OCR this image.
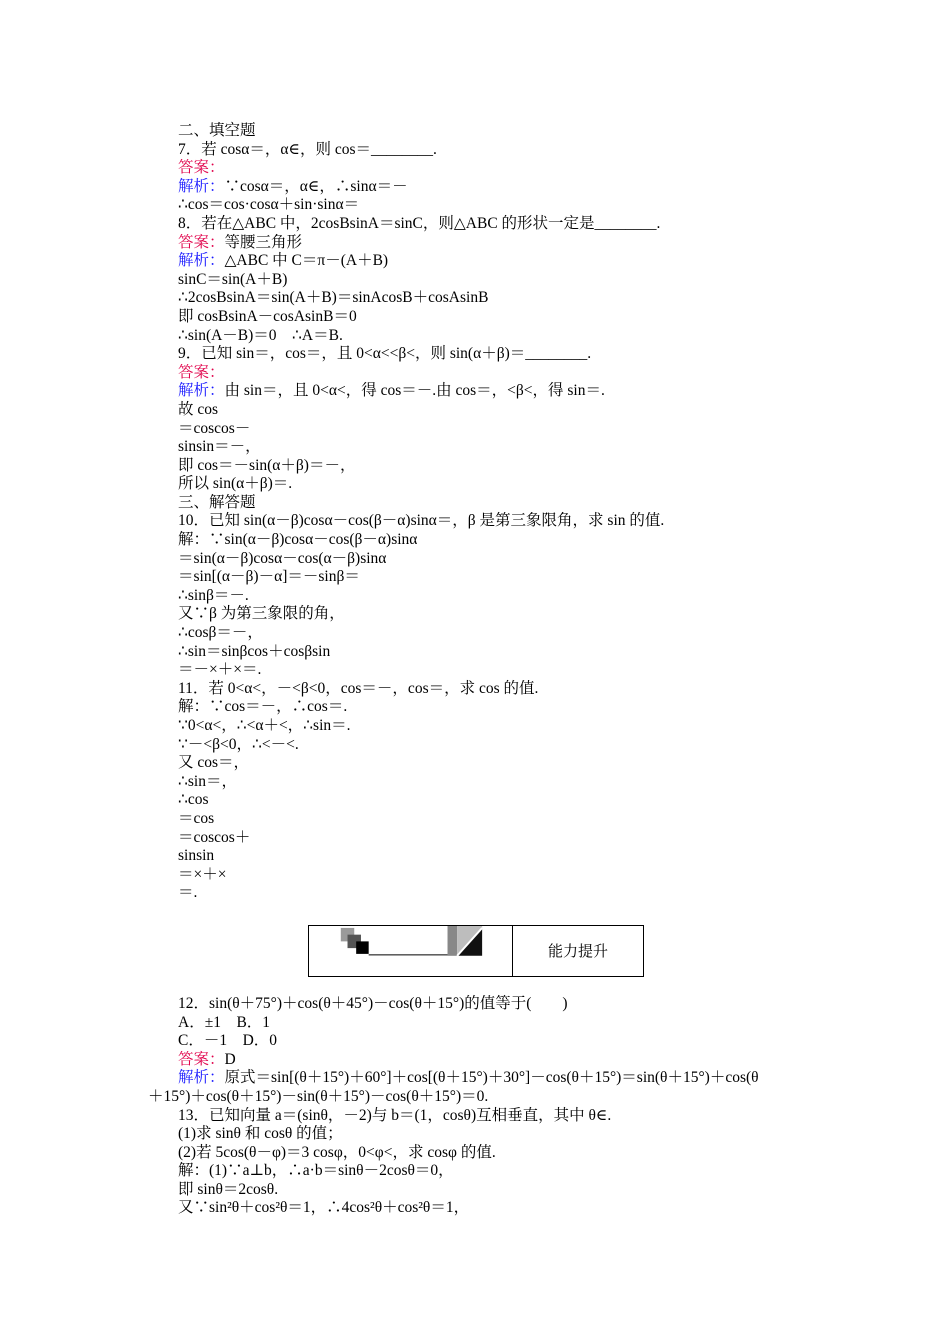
二、填空题
7．若 cosα＝，α∈，则 cos＝________.
答案：
解析：∵cosα＝，α∈，∴sinα＝－
∴cos＝cos·cosα＋sin·sinα＝
8．若在△ABC 中，2cosBsinA＝sinC，则△ABC 的形状一定是________.
答案：等腰三角形
解析：△ABC 中 C＝π－(A＋B)
sinC＝sin(A＋B)
∴2cosBsinA＝sin(A＋B)＝sinAcosB＋cosAsinB
即 cosBsinA－cosAsinB＝0
∴sin(A－B)＝0　∴A＝B.
9．已知 sin＝，cos＝，且 0<α<<β<，则 sin(α＋β)＝________.
答案：
解析：由 sin＝，且 0<α<，得 cos＝－.由 cos＝，<β<，得 sin＝.
故 cos
＝coscos－
sinsin＝－，
即 cos＝－sin(α＋β)＝－，
所以 sin(α＋β)＝.
三、解答题
10．已知 sin(α－β)cosα－cos(β－α)sinα＝，β 是第三象限角，求 sin 的值.
解：∵sin(α－β)cosα－cos(β－α)sinα
＝sin(α－β)cosα－cos(α－β)sinα
＝sin[(α－β)－α]＝－sinβ＝
∴sinβ＝－.
又∵β 为第三象限的角，
∴cosβ＝－，
∴sin＝sinβcos＋cosβsin
＝－×＋×＝.
11．若 0<α<，－<β<0，cos＝－，cos＝，求 cos 的值.
解：∵cos＝－，∴cos＝.
∵0<α<，∴<α＋<，∴sin＝.
∵－<β<0，∴<－<.
又 cos＝，
∴sin＝，
∴cos
＝cos
＝coscos＋
sinsin
＝×＋×
＝.
能力提升
12．sin(θ＋75°)＋cos(θ＋45°)－cos(θ＋15°)的值等于(　　)
A．±1　B．1
C．－1　D．0
答案：D
解析：原式＝sin[(θ＋15°)＋60°]＋cos[(θ＋15°)＋30°]－cos(θ＋15°)＝sin(θ＋15°)＋cos(θ
＋15°)＋cos(θ＋15°)－sin(θ＋15°)－cos(θ＋15°)＝0.
13．已知向量 a＝(sinθ，－2)与 b＝(1，cosθ)互相垂直，其中 θ∈.
(1)求 sinθ 和 cosθ 的值；
(2)若 5cos(θ－φ)＝3 cosφ，0<φ<，求 cosφ 的值.
解：(1)∵a⊥b，∴a·b＝sinθ－2cosθ＝0，
即 sinθ＝2cosθ.
又∵sin²θ＋cos²θ＝1，∴4cos²θ＋cos²θ＝1，
